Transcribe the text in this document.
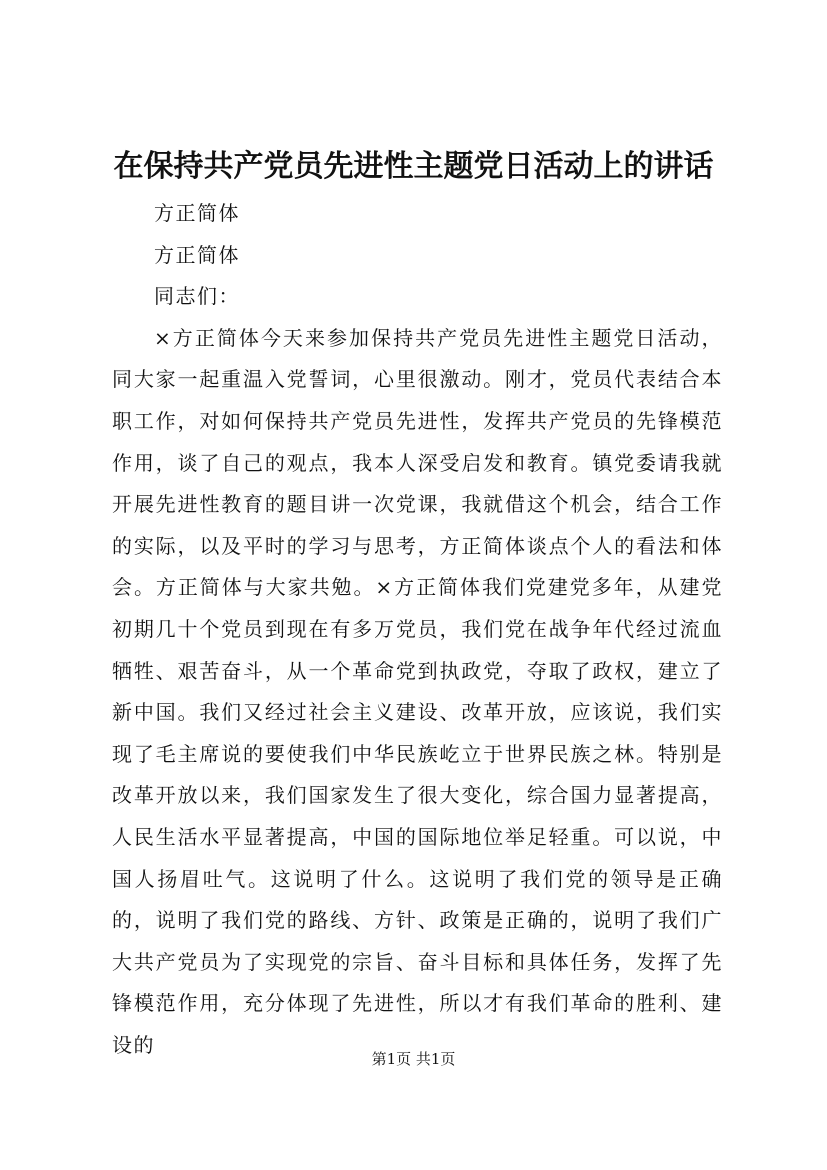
在保持共产党员先进性主题党日活动上的讲话

方正简体

方正简体

同志们：

×方正简体今天来参加保持共产党员先进性主题党日活动，同大家一起重温入党誓词，心里很激动。刚才，党员代表结合本职工作，对如何保持共产党员先进性，发挥共产党员的先锋模范作用，谈了自己的观点，我本人深受启发和教育。镇党委请我就开展先进性教育的题目讲一次党课，我就借这个机会，结合工作的实际，以及平时的学习与思考，方正简体谈点个人的看法和体会。方正简体与大家共勉。×方正简体我们党建党多年，从建党初期几十个党员到现在有多万党员，我们党在战争年代经过流血牺牲、艰苦奋斗，从一个革命党到执政党，夺取了政权，建立了新中国。我们又经过社会主义建设、改革开放，应该说，我们实现了毛主席说的要使我们中华民族屹立于世界民族之林。特别是改革开放以来，我们国家发生了很大变化，综合国力显著提高，人民生活水平显著提高，中国的国际地位举足轻重。可以说，中国人扬眉吐气。这说明了什么。这说明了我们党的领导是正确的，说明了我们党的路线、方针、政策是正确的，说明了我们广大共产党员为了实现党的宗旨、奋斗目标和具体任务，发挥了先锋模范作用，充分体现了先进性，所以才有我们革命的胜利、建设的

第1页 共1页
